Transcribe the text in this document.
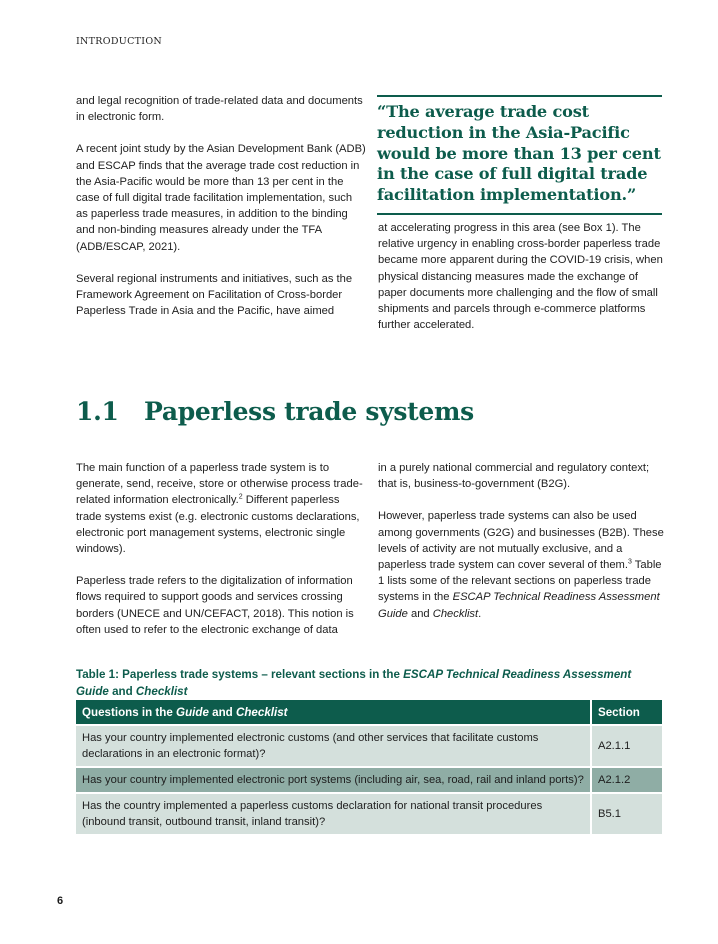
INTRODUCTION

and legal recognition of trade-related data and documents in electronic form.

A recent joint study by the Asian Development Bank (ADB) and ESCAP finds that the average trade cost reduction in the Asia-Pacific would be more than 13 per cent in the case of full digital trade facilitation implementation, such as paperless trade measures, in addition to the binding and non-binding measures already under the TFA (ADB/ESCAP, 2021).

Several regional instruments and initiatives, such as the Framework Agreement on Facilitation of Cross-border Paperless Trade in Asia and the Pacific, have aimed

“The average trade cost reduction in the Asia-Pacific would be more than 13 per cent in the case of full digital trade facilitation implementation.”

at accelerating progress in this area (see Box 1). The relative urgency in enabling cross-border paperless trade became more apparent during the COVID-19 crisis, when physical distancing measures made the exchange of paper documents more challenging and the flow of small shipments and parcels through e-commerce platforms further accelerated.

1.1 Paperless trade systems

The main function of a paperless trade system is to generate, send, receive, store or otherwise process trade-related information electronically.$^2$ Different paperless trade systems exist (e.g. electronic customs declarations, electronic port management systems, electronic single windows).

Paperless trade refers to the digitalization of information flows required to support goods and services crossing borders (UNECE and UN/CEFACT, 2018). This notion is often used to refer to the electronic exchange of data

in a purely national commercial and regulatory context; that is, business-to-government (B2G).

However, paperless trade systems can also be used among governments (G2G) and businesses (B2B). These levels of activity are not mutually exclusive, and a paperless trade system can cover several of them.$^3$ Table 1 lists some of the relevant sections on paperless trade systems in the ESCAP Technical Readiness Assessment Guide and Checklist.

Table 1: Paperless trade systems – relevant sections in the ESCAP Technical Readiness Assessment Guide and Checklist
Questions in the Guide and Checklist	Section
Has your country implemented electronic customs (and other services that facilitate customs declarations in an electronic format)?	A2.1.1
Has your country implemented electronic port systems (including air, sea, road, rail and inland ports)?	A2.1.2
Has the country implemented a paperless customs declaration for national transit procedures (inbound transit, outbound transit, inland transit)?	B5.1
6
